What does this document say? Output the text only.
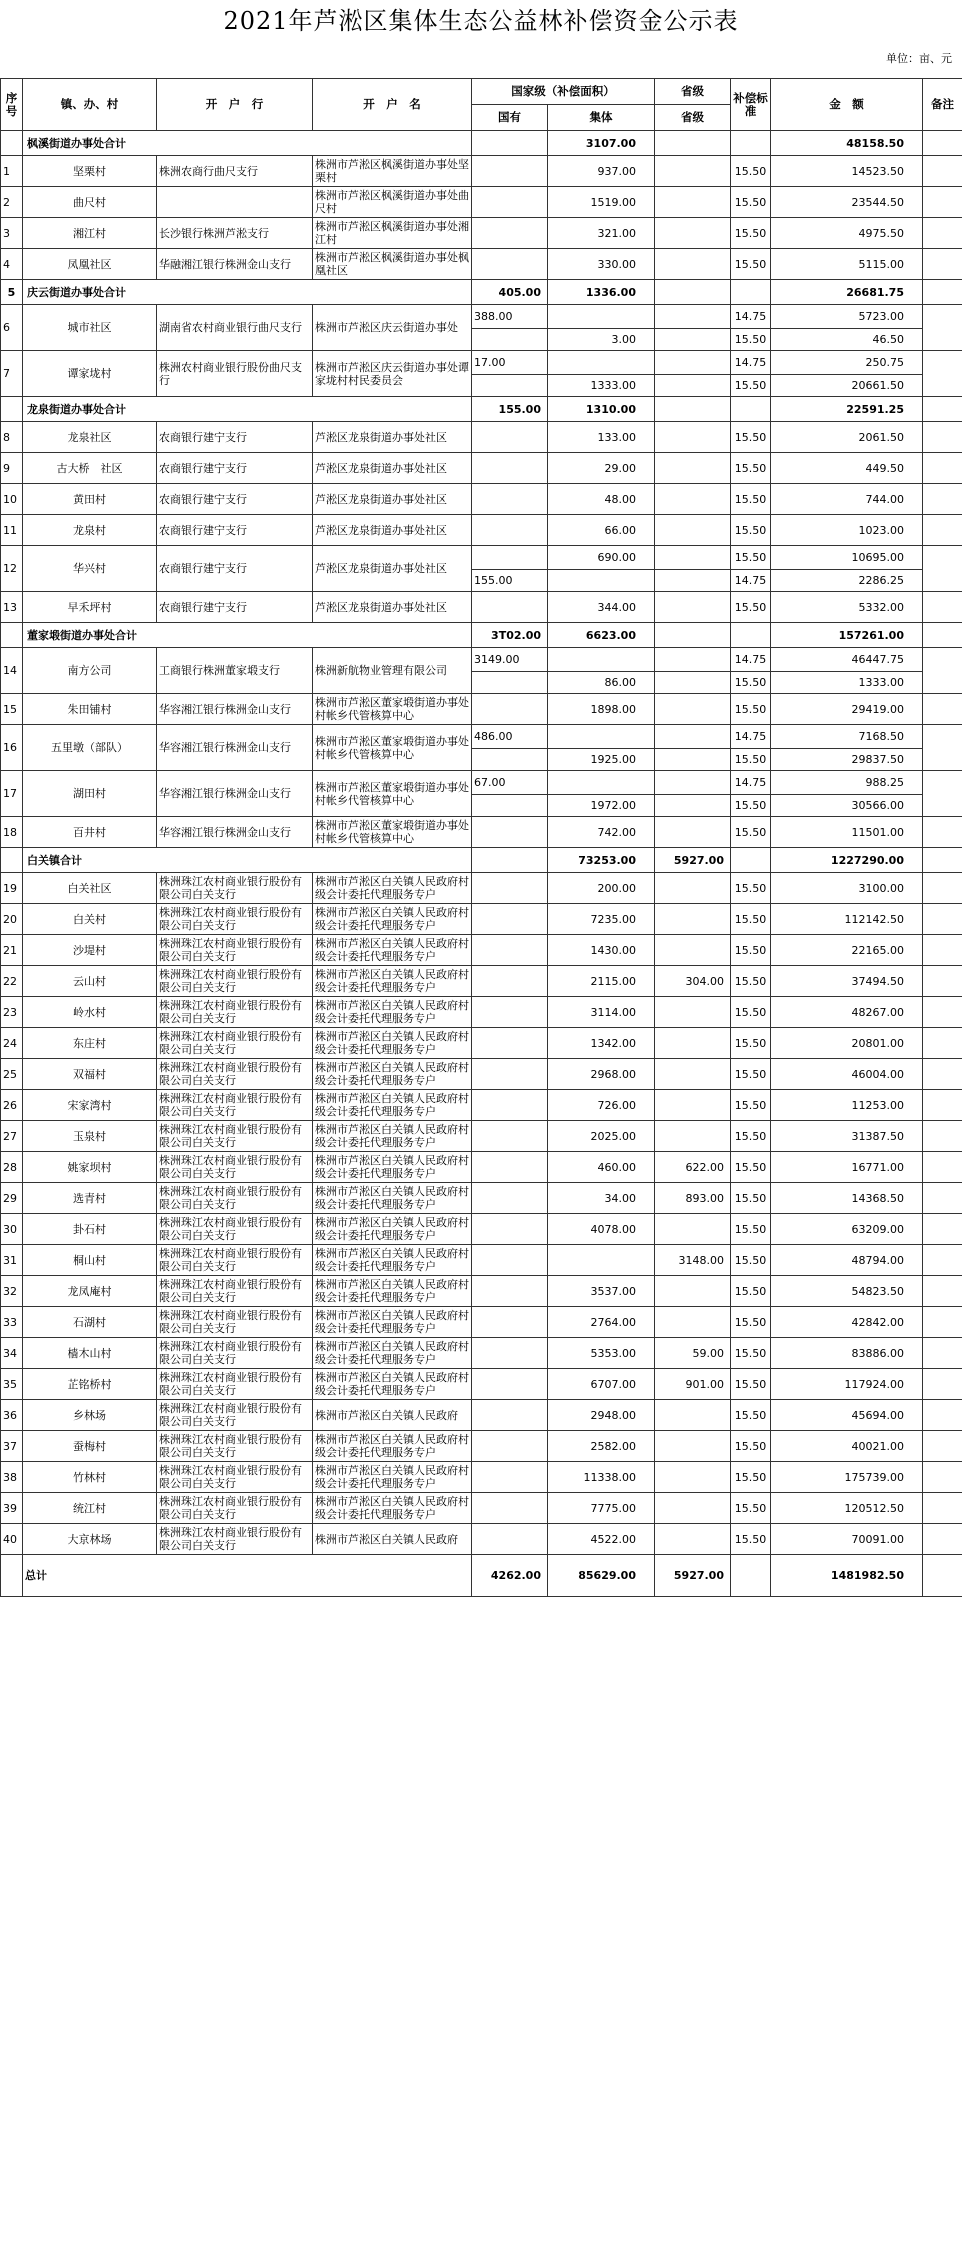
2021年芦淞区集体生态公益林补偿资金公示表
单位：亩、元
序号	镇、办、村	开　户　行	开　户　名	国家级（补偿面积）		省级	补偿标准	金　额	备注
				国有	集体	省级			
	枫溪街道办事处合计				3107.00			48158.50	
1	坚栗村	株洲农商行曲尺支行	株洲市芦淞区枫溪街道办事处坚栗村		937.00		15.50	14523.50	
2	曲尺村		株洲市芦淞区枫溪街道办事处曲尺村		1519.00		15.50	23544.50	
3	湘江村	长沙银行株洲芦淞支行	株洲市芦淞区枫溪街道办事处湘江村		321.00		15.50	4975.50	
4	凤凰社区	华融湘江银行株洲金山支行	株洲市芦淞区枫溪街道办事处枫凰社区		330.00		15.50	5115.00	
5	庆云街道办事处合计			405.00	1336.00			26681.75	
6	城市社区	湖南省农村商业银行曲尺支行	株洲市芦淞区庆云街道办事处	388.00			14.75	5723.00	
					3.00		15.50	46.50	
7	谭家垅村	株洲农村商业银行股份曲尺支行	株洲市芦淞区庆云街道办事处谭家垅村村民委员会	17.00			14.75	250.75	
					1333.00		15.50	20661.50	
	龙泉街道办事处合计			155.00	1310.00			22591.25	
8	龙泉社区	农商银行建宁支行	芦淞区龙泉街道办事处社区		133.00		15.50	2061.50	
9	古大桥　社区	农商银行建宁支行	芦淞区龙泉街道办事处社区		29.00		15.50	449.50	
10	黄田村	农商银行建宁支行	芦淞区龙泉街道办事处社区		48.00		15.50	744.00	
11	龙泉村	农商银行建宁支行	芦淞区龙泉街道办事处社区		66.00		15.50	1023.00	
12	华兴村	农商银行建宁支行	芦淞区龙泉街道办事处社区		690.00		15.50	10695.00	
				155.00			14.75	2286.25	
13	早禾坪村	农商银行建宁支行	芦淞区龙泉街道办事处社区		344.00		15.50	5332.00	
	董家塅街道办事处合计			3T02.00	6623.00			157261.00	
14	南方公司	工商银行株洲董家塅支行	株洲新航物业管理有限公司	3149.00			14.75	46447.75	
					86.00		15.50	1333.00	
15	朱田铺村	华容湘江银行株洲金山支行	株洲市芦淞区董家塅街道办事处村帐乡代管核算中心		1898.00		15.50	29419.00	
16	五里墩（部队）	华容湘江银行株洲金山支行	株洲市芦淞区董家塅街道办事处村帐乡代管核算中心	486.00			14.75	7168.50	
					1925.00		15.50	29837.50	
17	湖田村	华容湘江银行株洲金山支行	株洲市芦淞区董家塅街道办事处村帐乡代管核算中心	67.00			14.75	988.25	
					1972.00		15.50	30566.00	
18	百井村	华容湘江银行株洲金山支行	株洲市芦淞区董家塅街道办事处村帐乡代管核算中心		742.00		15.50	11501.00	
	白关镇合计				73253.00	5927.00		1227290.00	
19	白关社区	株洲珠江农村商业银行股份有限公司白关支行	株洲市芦淞区白关镇人民政府村级会计委托代理服务专户		200.00		15.50	3100.00	
20	白关村	株洲珠江农村商业银行股份有限公司白关支行	株洲市芦淞区白关镇人民政府村级会计委托代理服务专户		7235.00		15.50	112142.50	
21	沙堤村	株洲珠江农村商业银行股份有限公司白关支行	株洲市芦淞区白关镇人民政府村级会计委托代理服务专户		1430.00		15.50	22165.00	
22	云山村	株洲珠江农村商业银行股份有限公司白关支行	株洲市芦淞区白关镇人民政府村级会计委托代理服务专户		2115.00	304.00	15.50	37494.50	
23	岭水村	株洲珠江农村商业银行股份有限公司白关支行	株洲市芦淞区白关镇人民政府村级会计委托代理服务专户		3114.00		15.50	48267.00	
24	东庄村	株洲珠江农村商业银行股份有限公司白关支行	株洲市芦淞区白关镇人民政府村级会计委托代理服务专户		1342.00		15.50	20801.00	
25	双福村	株洲珠江农村商业银行股份有限公司白关支行	株洲市芦淞区白关镇人民政府村级会计委托代理服务专户		2968.00		15.50	46004.00	
26	宋家湾村	株洲珠江农村商业银行股份有限公司白关支行	株洲市芦淞区白关镇人民政府村级会计委托代理服务专户		726.00		15.50	11253.00	
27	玉泉村	株洲珠江农村商业银行股份有限公司白关支行	株洲市芦淞区白关镇人民政府村级会计委托代理服务专户		2025.00		15.50	31387.50	
28	姚家坝村	株洲珠江农村商业银行股份有限公司白关支行	株洲市芦淞区白关镇人民政府村级会计委托代理服务专户		460.00	622.00	15.50	16771.00	
29	选青村	株洲珠江农村商业银行股份有限公司白关支行	株洲市芦淞区白关镇人民政府村级会计委托代理服务专户		34.00	893.00	15.50	14368.50	
30	卦石村	株洲珠江农村商业银行股份有限公司白关支行	株洲市芦淞区白关镇人民政府村级会计委托代理服务专户		4078.00		15.50	63209.00	
31	桐山村	株洲珠江农村商业银行股份有限公司白关支行	株洲市芦淞区白关镇人民政府村级会计委托代理服务专户			3148.00	15.50	48794.00	
32	龙凤庵村	株洲珠江农村商业银行股份有限公司白关支行	株洲市芦淞区白关镇人民政府村级会计委托代理服务专户		3537.00		15.50	54823.50	
33	石湖村	株洲珠江农村商业银行股份有限公司白关支行	株洲市芦淞区白关镇人民政府村级会计委托代理服务专户		2764.00		15.50	42842.00	
34	樯木山村	株洲珠江农村商业银行股份有限公司白关支行	株洲市芦淞区白关镇人民政府村级会计委托代理服务专户		5353.00	59.00	15.50	83886.00	
35	芷铭桥村	株洲珠江农村商业银行股份有限公司白关支行	株洲市芦淞区白关镇人民政府村级会计委托代理服务专户		6707.00	901.00	15.50	117924.00	
36	乡林场	株洲珠江农村商业银行股份有限公司白关支行	株洲市芦淞区白关镇人民政府		2948.00		15.50	45694.00	
37	蚕梅村	株洲珠江农村商业银行股份有限公司白关支行	株洲市芦淞区白关镇人民政府村级会计委托代理服务专户		2582.00		15.50	40021.00	
38	竹林村	株洲珠江农村商业银行股份有限公司白关支行	株洲市芦淞区白关镇人民政府村级会计委托代理服务专户		11338.00		15.50	175739.00	
39	统江村	株洲珠江农村商业银行股份有限公司白关支行	株洲市芦淞区白关镇人民政府村级会计委托代理服务专户		7775.00		15.50	120512.50	
40	大京林场	株洲珠江农村商业银行股份有限公司白关支行	株洲市芦淞区白关镇人民政府		4522.00		15.50	70091.00	
	总计			4262.00	85629.00	5927.00		1481982.50	
